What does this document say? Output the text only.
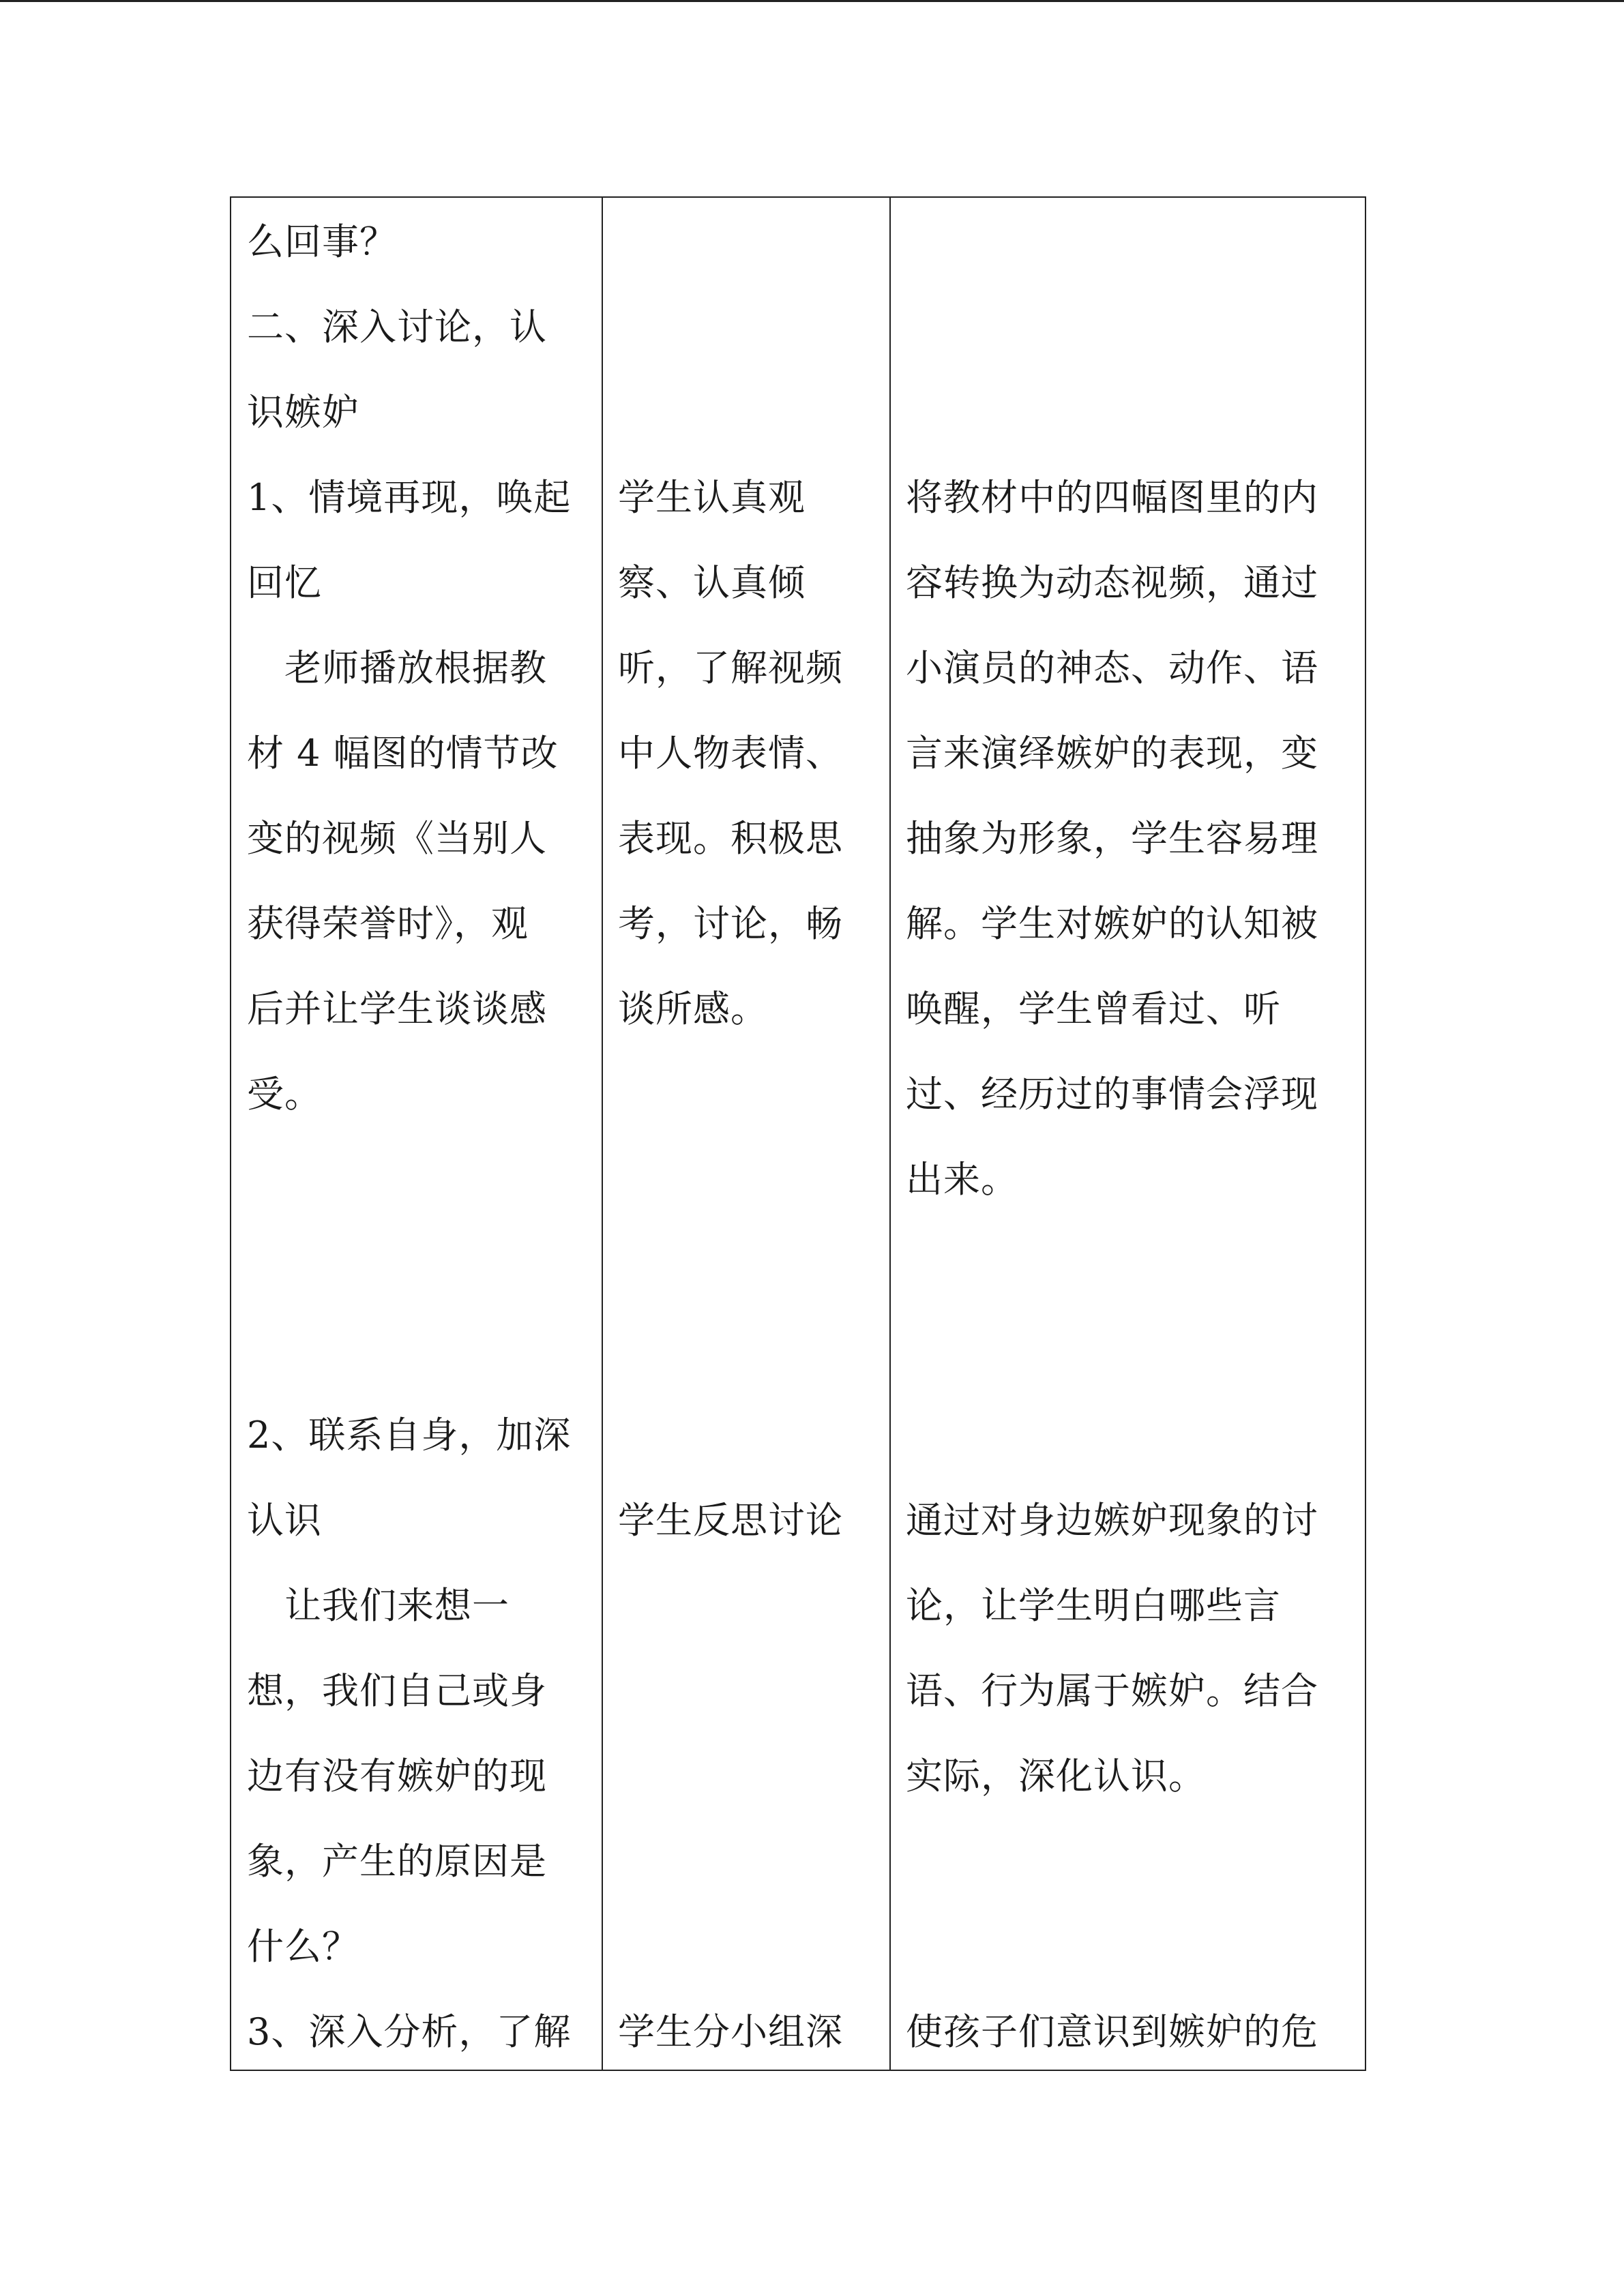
么回事？
二、深入讨论，认
识嫉妒
1、情境再现，唤起
回忆
　老师播放根据教
材 4 幅图的情节改
变的视频《当别人
获得荣誉时》，观
后并让学生谈谈感
受。
2、联系自身，加深
认识
　让我们来想一
想，我们自己或身
边有没有嫉妒的现
象，产生的原因是
什么？
3、深入分析，了解
学生认真观
察、认真倾
听，了解视频
中人物表情、
表现。积极思
考，讨论，畅
谈所感。
学生反思讨论
学生分小组深
将教材中的四幅图里的内
容转换为动态视频，通过
小演员的神态、动作、语
言来演绎嫉妒的表现，变
抽象为形象，学生容易理
解。学生对嫉妒的认知被
唤醒，学生曾看过、听
过、经历过的事情会浮现
出来。
通过对身边嫉妒现象的讨
论，让学生明白哪些言
语、行为属于嫉妒。结合
实际，深化认识。
使孩子们意识到嫉妒的危
